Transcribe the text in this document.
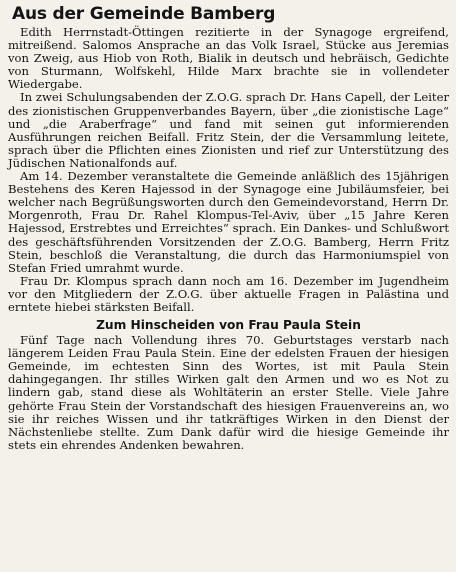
Aus der Gemeinde Bamberg

Edith Herrnstadt-Öttingen rezitierte in der Synagoge ergreifend, mitreißend. Salomos Ansprache an das Volk Israel, Stücke aus Jeremias von Zweig, aus Hiob von Roth, Bialik in deutsch und hebräisch, Gedichte von Sturmann, Wolfskehl, Hilde Marx brachte sie in vollendeter Wiedergabe.

In zwei Schulungsabenden der Z.O.G. sprach Dr. Hans Capell, der Leiter des zionistischen Gruppenverbandes Bayern, über „die zionistische Lage“ und „die Araberfrage“ und fand mit seinen gut informierenden Ausführungen reichen Beifall. Fritz Stein, der die Versammlung leitete, sprach über die Pflichten eines Zionisten und rief zur Unterstützung des Jüdischen Nationalfonds auf.

Am 14. Dezember veranstaltete die Gemeinde anläßlich des 15jährigen Bestehens des Keren Hajessod in der Synagoge eine Jubiläumsfeier, bei welcher nach Begrüßungsworten durch den Gemeindevorstand, Herrn Dr. Morgenroth, Frau Dr. Rahel Klompus-Tel-Aviv, über „15 Jahre Keren Hajessod, Erstrebtes und Erreichtes“ sprach. Ein Dankes- und Schlußwort des geschäftsführenden Vorsitzenden der Z.O.G. Bamberg, Herrn Fritz Stein, beschloß die Veranstaltung, die durch das Harmoniumspiel von Stefan Fried umrahmt wurde.

Frau Dr. Klompus sprach dann noch am 16. Dezember im Jugendheim vor den Mitgliedern der Z.O.G. über aktuelle Fragen in Palästina und erntete hiebei stärksten Beifall.

Zum Hinscheiden von Frau Paula Stein

Fünf Tage nach Vollendung ihres 70. Geburtstages verstarb nach längerem Leiden Frau Paula Stein. Eine der edelsten Frauen der hiesigen Gemeinde, im echtesten Sinn des Wortes, ist mit Paula Stein dahingegangen. Ihr stilles Wirken galt den Armen und wo es Not zu lindern gab, stand diese als Wohltäterin an erster Stelle. Viele Jahre gehörte Frau Stein der Vorstandschaft des hiesigen Frauenvereins an, wo sie ihr reiches Wissen und ihr tatkräftiges Wirken in den Dienst der Nächstenliebe stellte. Zum Dank dafür wird die hiesige Gemeinde ihr stets ein ehrendes Andenken bewahren.
